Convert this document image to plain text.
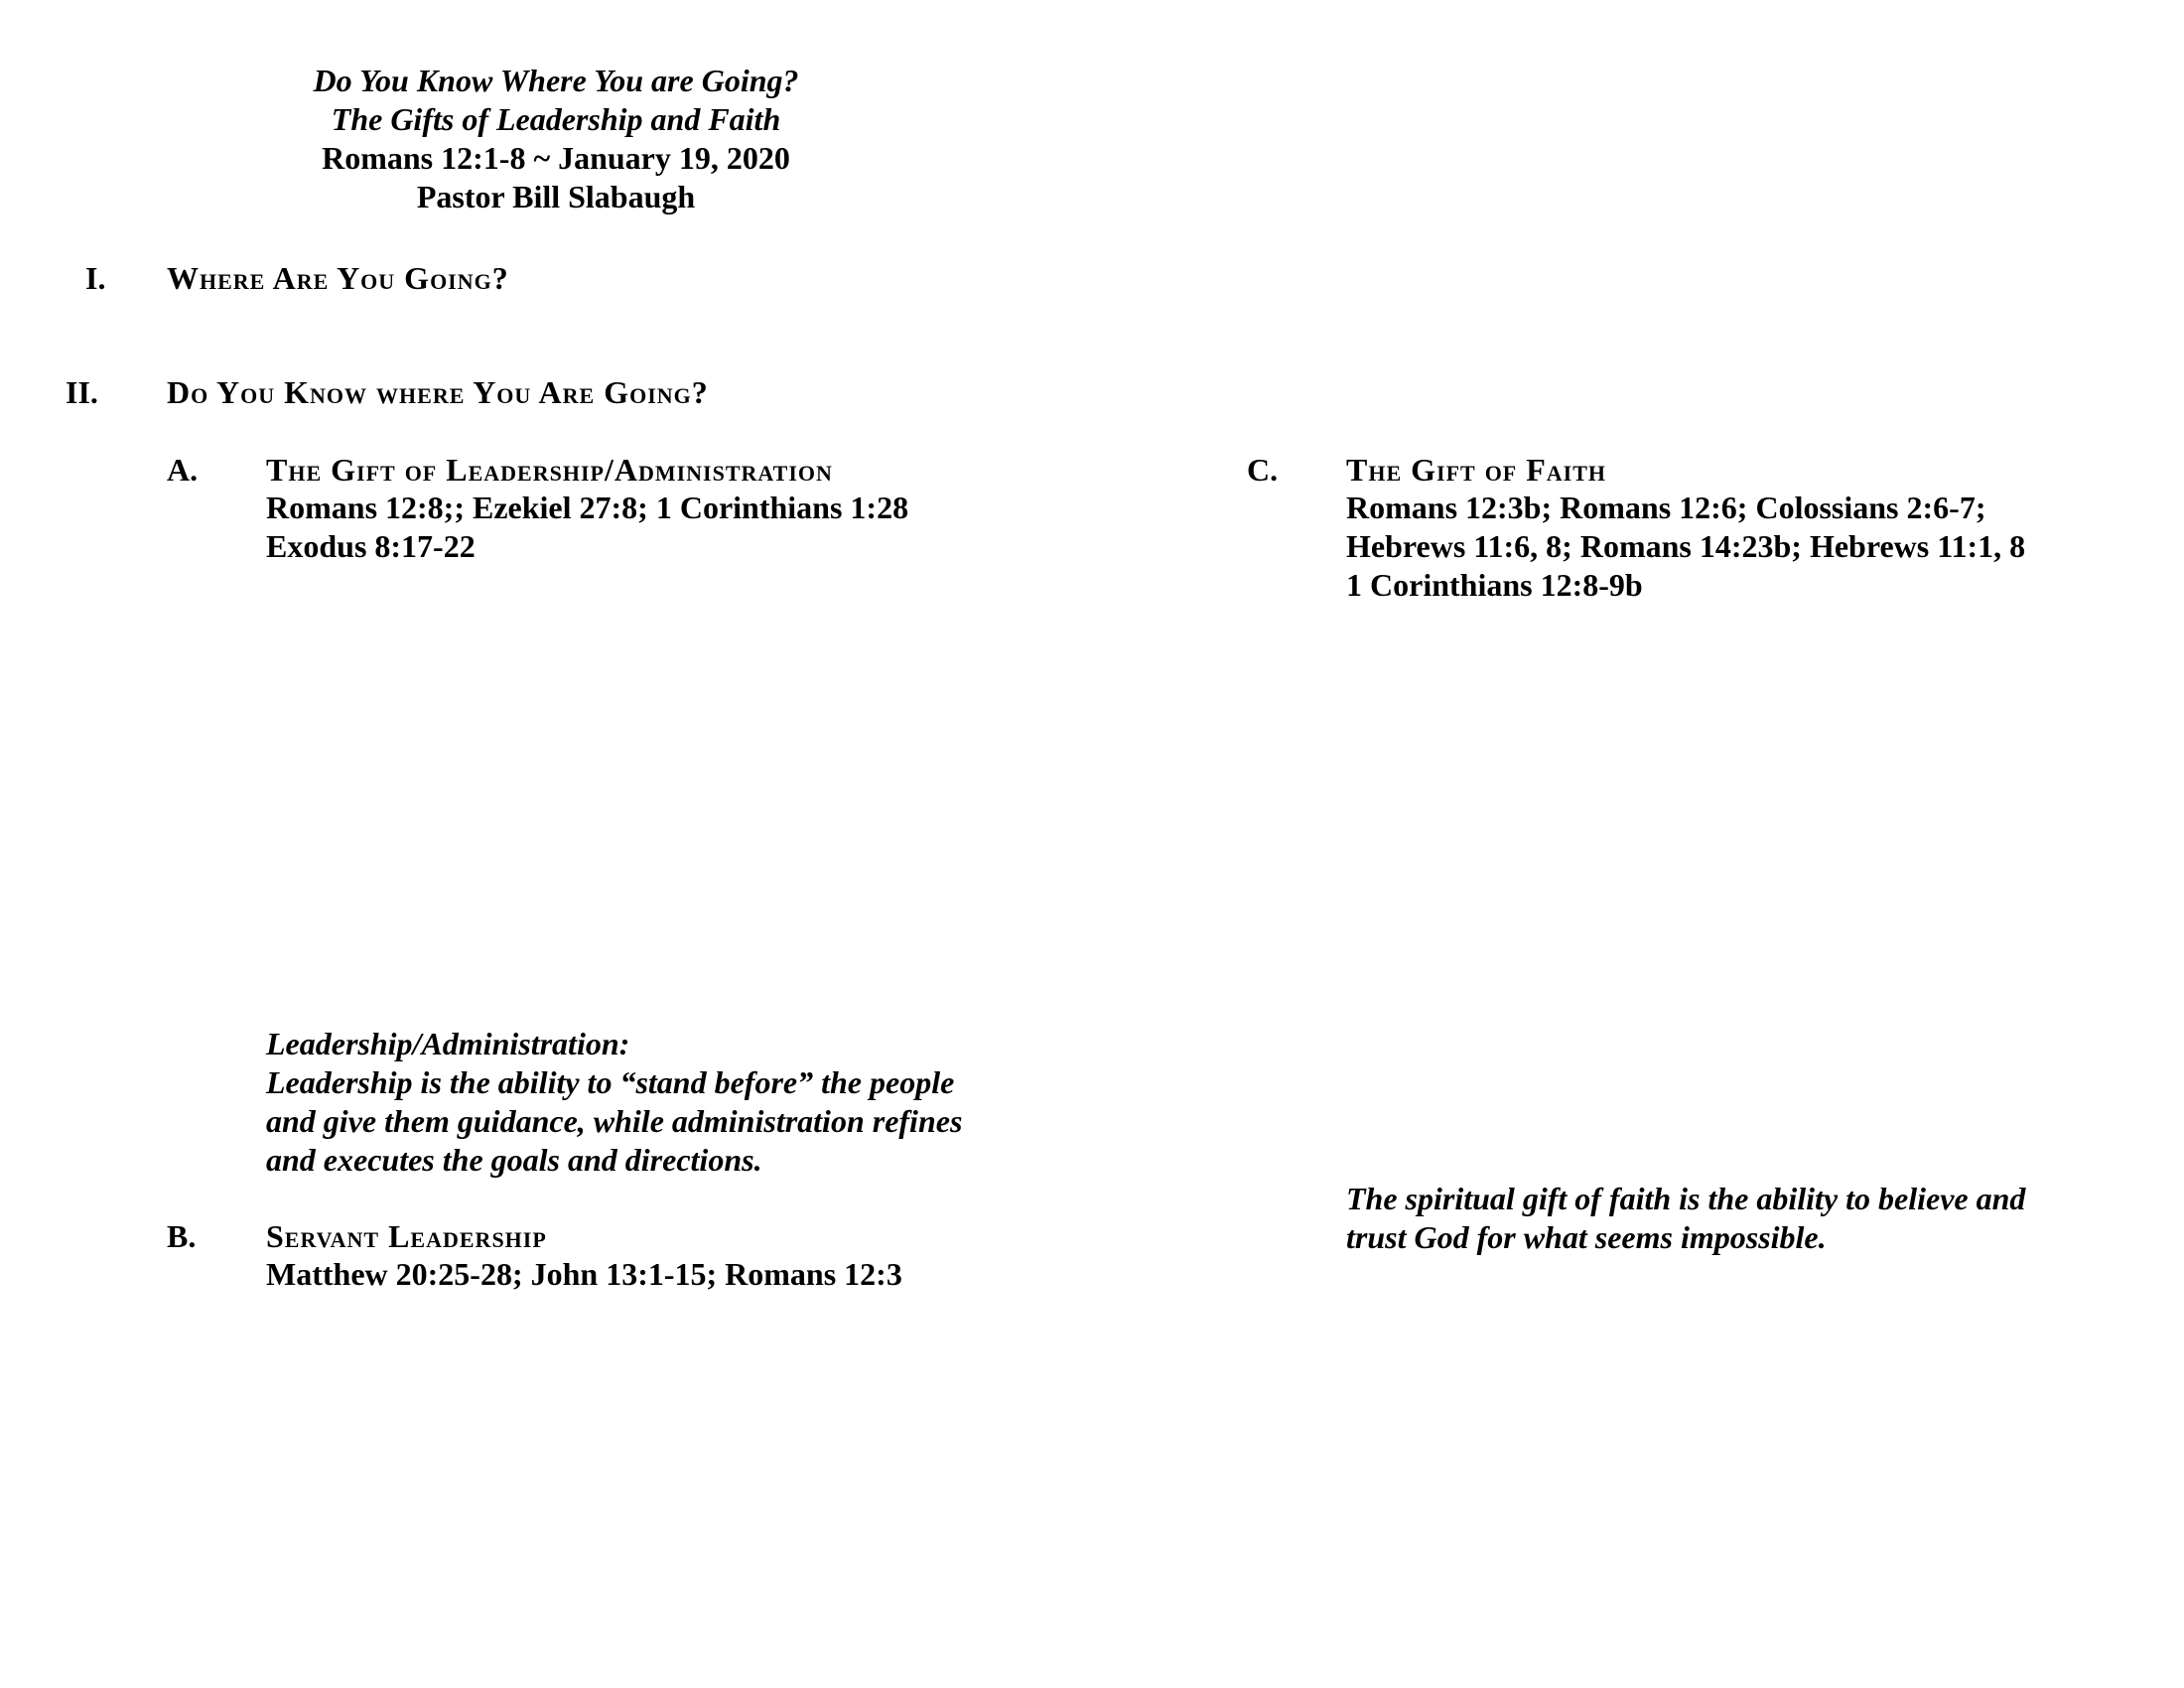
Do You Know Where You are Going?
The Gifts of Leadership and Faith
Romans 12:1-8 ~ January 19, 2020
Pastor Bill Slabaugh
I. Where Are You Going?
II. Do You Know where You Are Going?
A. The Gift of Leadership/Administration
Romans 12:8;; Ezekiel 27:8; 1 Corinthians 1:28
Exodus 8:17-22
Leadership/Administration:
Leadership is the ability to “stand before” the people
and give them guidance, while administration refines
and executes the goals and directions.
B. Servant Leadership
Matthew 20:25-28; John 13:1-15; Romans 12:3
C. The Gift of Faith
Romans 12:3b; Romans 12:6; Colossians 2:6-7;
Hebrews 11:6, 8; Romans 14:23b; Hebrews 11:1, 8
1 Corinthians 12:8-9b
The spiritual gift of faith is the ability to believe and
trust God for what seems impossible.
